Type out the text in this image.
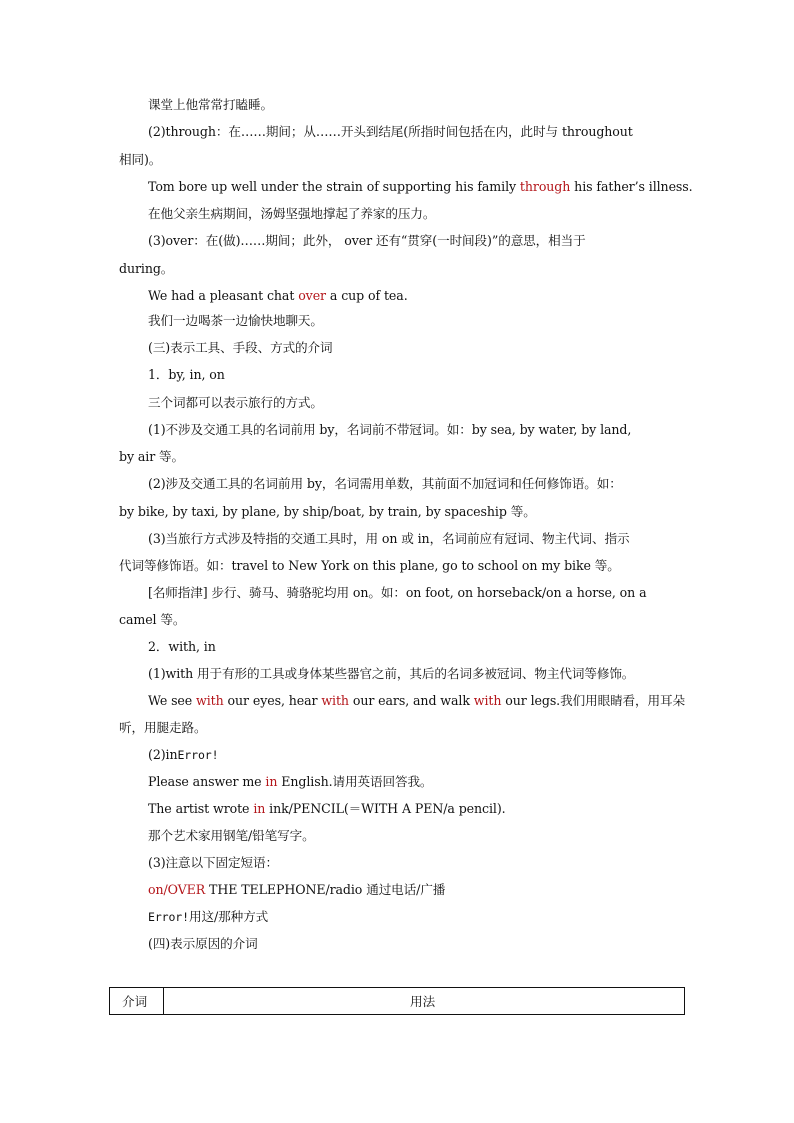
课堂上他常常打瞌睡。
(2)through：在……期间；从……开头到结尾(所指时间包括在内，此时与 throughout
相同)。
Tom bore up well under the strain of supporting his family through his father’s illness.
在他父亲生病期间，汤姆坚强地撑起了养家的压力。
(3)over：在(做)……期间；此外， over 还有“贯穿(一时间段)”的意思，相当于
during。
We had a pleasant chat over a cup of tea.
我们一边喝茶一边愉快地聊天。
(三)表示工具、手段、方式的介词
1．by, in, on
三个词都可以表示旅行的方式。
(1)不涉及交通工具的名词前用 by，名词前不带冠词。如：by sea, by water, by land,
by air 等。
(2)涉及交通工具的名词前用 by，名词需用单数，其前面不加冠词和任何修饰语。如：
by bike, by taxi, by plane, by ship/boat, by train, by spaceship 等。
(3)当旅行方式涉及特指的交通工具时，用 on 或 in，名词前应有冠词、物主代词、指示
代词等修饰语。如：travel to New York on this plane, go to school on my bike 等。
[名师指津] 步行、骑马、骑骆驼均用 on。如：on foot, on horseback/on a horse, on a
camel 等。
2．with, in
(1)with 用于有形的工具或身体某些器官之前，其后的名词多被冠词、物主代词等修饰。
We see with our eyes, hear with our ears, and walk with our legs.我们用眼睛看，用耳朵
听，用腿走路。
(2)inError!
Please answer me in English.请用英语回答我。
The artist wrote in ink/PENCIL(＝WITH A PEN/a pencil).
那个艺术家用钢笔/铅笔写字。
(3)注意以下固定短语：
on/OVER THE TELEPHONE/radio 通过电话/广播
Error!用这/那种方式
(四)表示原因的介词
介词	用法
